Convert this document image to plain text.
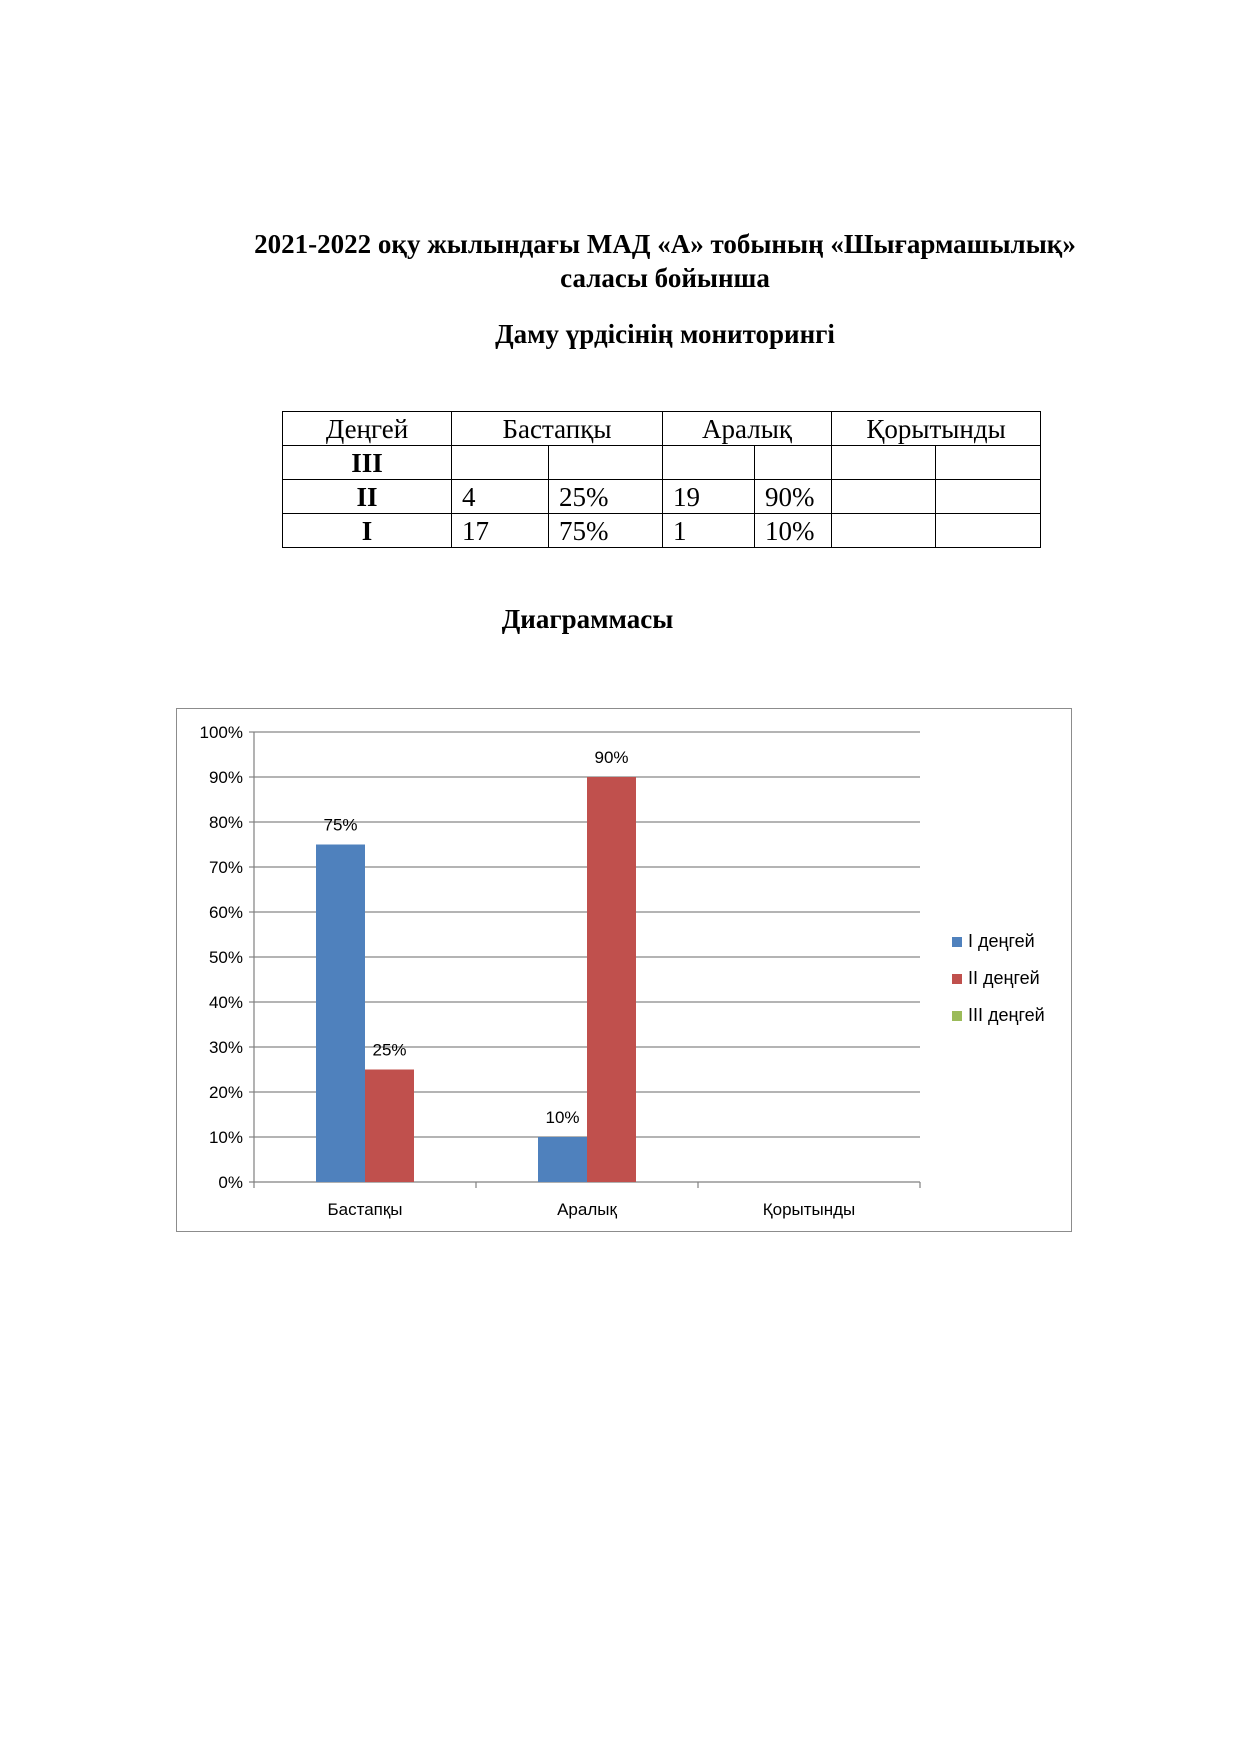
2021-2022 оқу жылындағы МАД «А» тобының «Шығармашылық»
саласы бойынша
Даму үрдісінің мониторингі
Деңгей	Бастапқы		Аралық		Қорытынды	
III						
II	4	25%	19	90%		
I	17	75%	1	10%		
Диаграммасы
0%
10%
20%
30%
40%
50%
60%
70%
80%
90%
100%
Бастапқы
75%
25%
Аралық
10%
90%
Қорытынды
I деңгей
II деңгей
III деңгей
